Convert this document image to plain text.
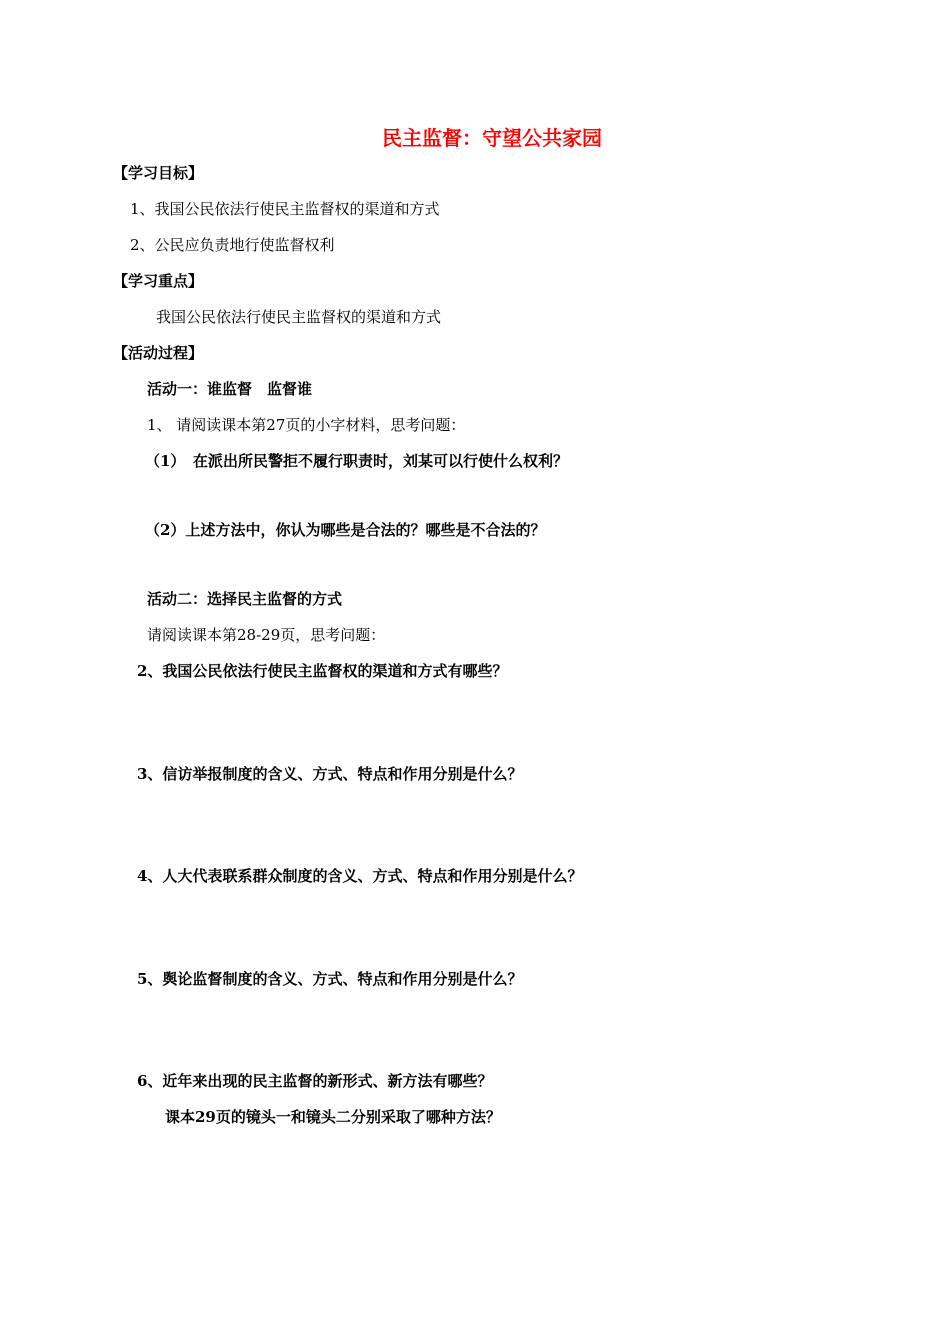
民主监督：守望公共家园
【学习目标】
1、我国公民依法行使民主监督权的渠道和方式
2、公民应负责地行使监督权利
【学习重点】
我国公民依法行使民主监督权的渠道和方式
【活动过程】
活动一：谁监督　监督谁
1、 请阅读课本第27页的小字材料，思考问题：
（1）　在派出所民警拒不履行职责时，刘某可以行使什么权利？
（2）上述方法中，你认为哪些是合法的？哪些是不合法的？
活动二：选择民主监督的方式
请阅读课本第28-29页，思考问题：
2、我国公民依法行使民主监督权的渠道和方式有哪些？
3、信访举报制度的含义、方式、特点和作用分别是什么？
4、人大代表联系群众制度的含义、方式、特点和作用分别是什么？
5、舆论监督制度的含义、方式、特点和作用分别是什么？
6、近年来出现的民主监督的新形式、新方法有哪些？
课本29页的镜头一和镜头二分别采取了哪种方法？
